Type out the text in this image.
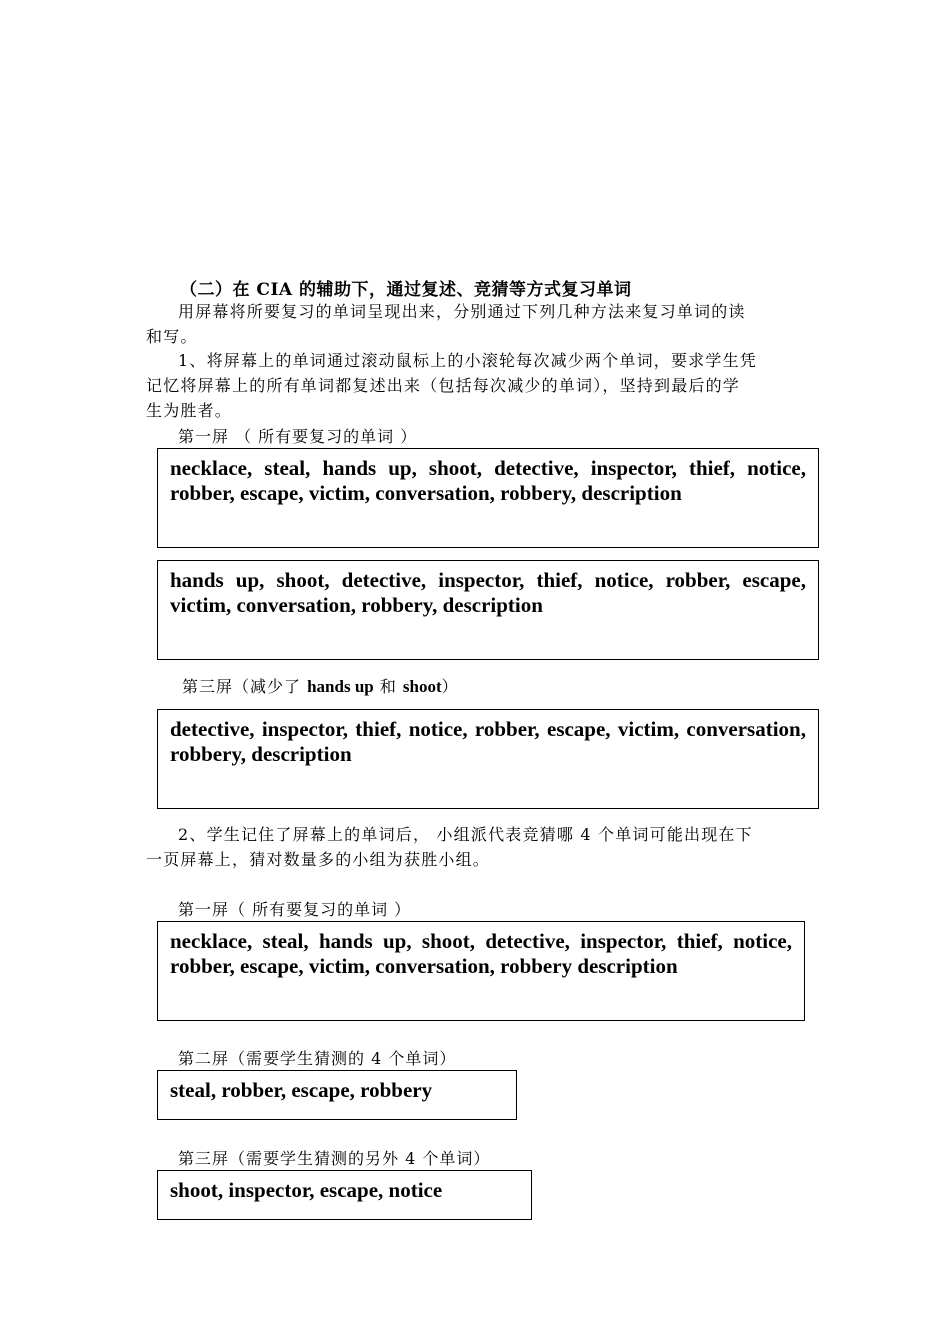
（二）在 CIA 的辅助下，通过复述、竞猜等方式复习单词
用屏幕将所要复习的单词呈现出来，分别通过下列几种方法来复习单词的读
和写。
1、将屏幕上的单词通过滚动鼠标上的小滚轮每次减少两个单词，要求学生凭
记忆将屏幕上的所有单词都复述出来（包括每次减少的单词），坚持到最后的学
生为胜者。
第一屏 （ 所有要复习的单词 ）
necklace, steal, hands up, shoot, detective, inspector, thief, notice, robber, escape, victim, conversation, robbery, description
hands up, shoot, detective, inspector, thief, notice, robber, escape, victim, conversation, robbery, description
第三屏（减少了 hands up 和 shoot）
detective, inspector, thief, notice, robber, escape, victim, conversation, robbery, description
2、学生记住了屏幕上的单词后， 小组派代表竞猜哪 4 个单词可能出现在下
一页屏幕上，猜对数量多的小组为获胜小组。
第一屏（ 所有要复习的单词 ）
necklace, steal, hands up, shoot, detective, inspector, thief, notice, robber, escape, victim, conversation, robbery description
第二屏（需要学生猜测的 4 个单词）
steal, robber, escape, robbery
第三屏（需要学生猜测的另外 4 个单词）
shoot, inspector, escape, notice
